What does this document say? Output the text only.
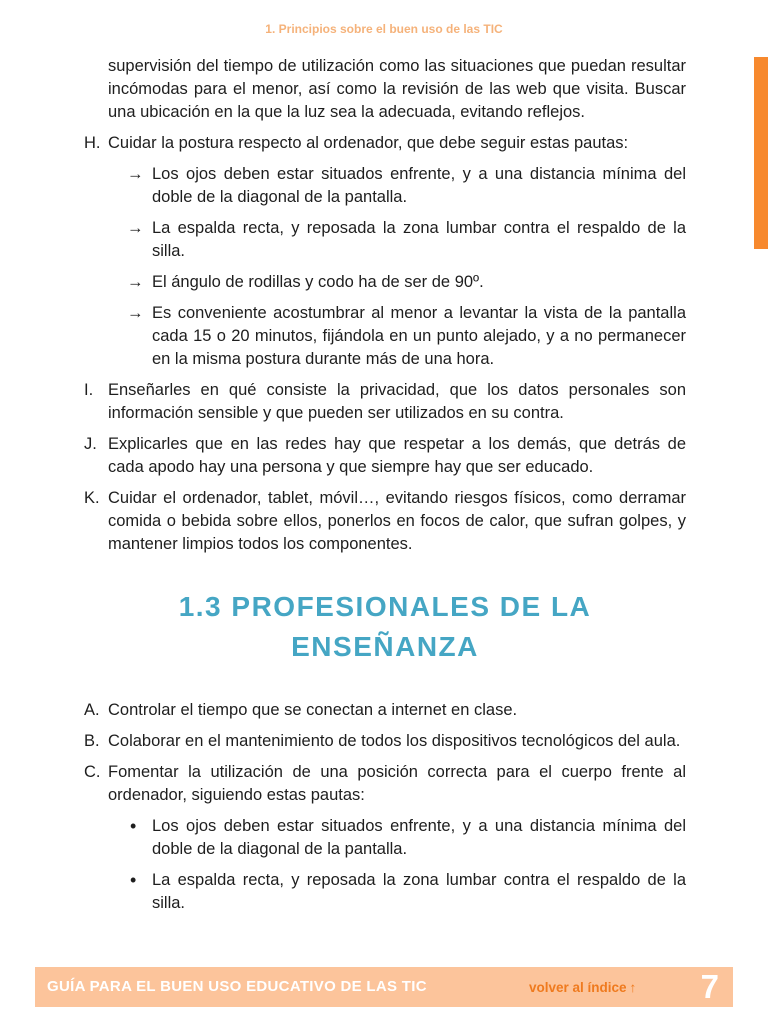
1. Principios sobre el buen uso de las TIC

supervisión del tiempo de utilización como las situaciones que puedan resultar incómodas para el menor, así como la revisión de las web que visita. Buscar una ubicación en la que la luz sea la adecuada, evitando reflejos.

H. Cuidar la postura respecto al ordenador, que debe seguir estas pautas:
→ Los ojos deben estar situados enfrente, y a una distancia mínima del doble de la diagonal de la pantalla.
→ La espalda recta, y reposada la zona lumbar contra el respaldo de la silla.
→ El ángulo de rodillas y codo ha de ser de 90º.
→ Es conveniente acostumbrar al menor a levantar la vista de la pantalla cada 15 o 20 minutos, fijándola en un punto alejado, y a no permanecer en la misma postura durante más de una hora.
I. Enseñarles en qué consiste la privacidad, que los datos personales son información sensible y que pueden ser utilizados en su contra.
J. Explicarles que en las redes hay que respetar a los demás, que detrás de cada apodo hay una persona y que siempre hay que ser educado.
K. Cuidar el ordenador, tablet, móvil…, evitando riesgos físicos, como derramar comida o bebida sobre ellos, ponerlos en focos de calor, que sufran golpes, y mantener limpios todos los componentes.
1.3 PROFESIONALES DE LA ENSEÑANZA
A. Controlar el tiempo que se conectan a internet en clase.
B. Colaborar en el mantenimiento de todos los dispositivos tecnológicos del aula.
C. Fomentar la utilización de una posición correcta para el cuerpo frente al ordenador, siguiendo estas pautas:
• Los ojos deben estar situados enfrente, y a una distancia mínima del doble de la diagonal de la pantalla.
• La espalda recta, y reposada la zona lumbar contra el respaldo de la silla.
GUÍA PARA EL BUEN USO EDUCATIVO DE LAS TIC	volver al índice ↑ 7
